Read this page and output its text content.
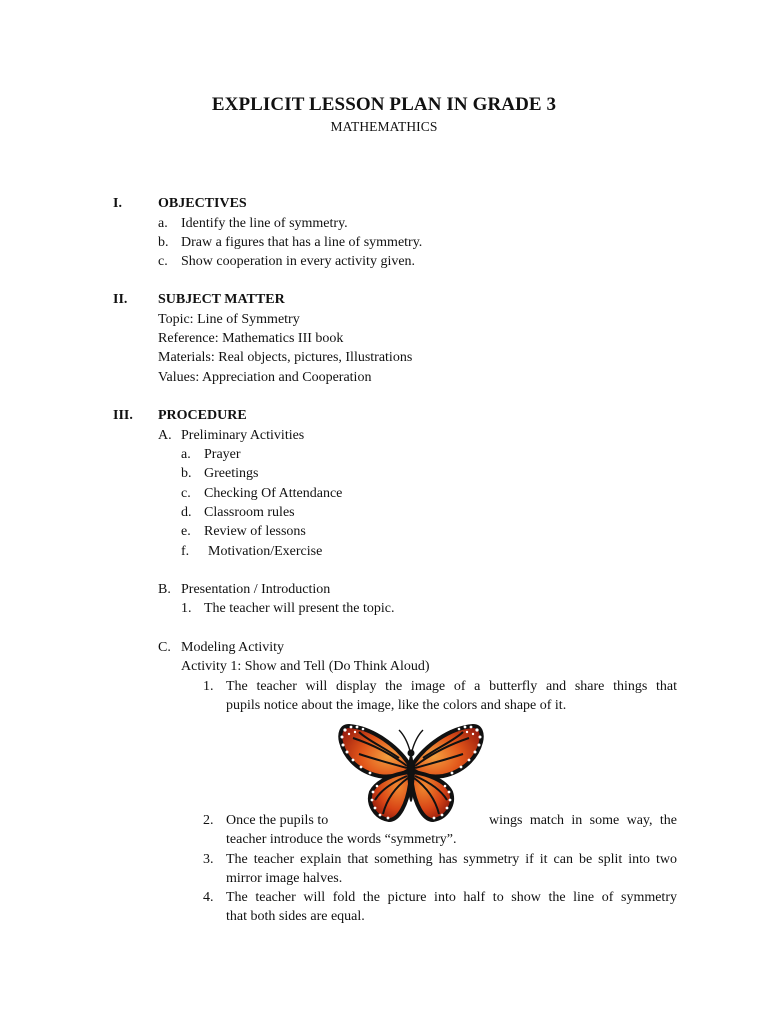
EXPLICIT LESSON PLAN IN GRADE 3
MATHEMATHICS
I.	OBJECTIVES
a. Identify the line of symmetry.
b. Draw a figures that has a line of symmetry.
c. Show cooperation in every activity given.
II. SUBJECT MATTER
Topic: Line of Symmetry
Reference: Mathematics III book
Materials: Real objects, pictures, Illustrations
Values: Appreciation and Cooperation
III. PROCEDURE
A. Preliminary Activities
a. Prayer
b. Greetings
c. Checking Of Attendance
d. Classroom rules
e. Review of lessons
f. Motivation/Exercise
B. Presentation / Introduction
1. The teacher will present the topic.
C. Modeling Activity
Activity 1: Show and Tell (Do Think Aloud)
1. The teacher will display the image of a butterfly and share things that
pupils notice about the image, like the colors and shape of it.
2. Once the pupils to	wings match in some way, the
teacher introduce the words “symmetry”.
3. The teacher explain that something has symmetry if it can be split into two
mirror image halves.
4. The teacher will fold the picture into half to show the line of symmetry
that both sides are equal.
